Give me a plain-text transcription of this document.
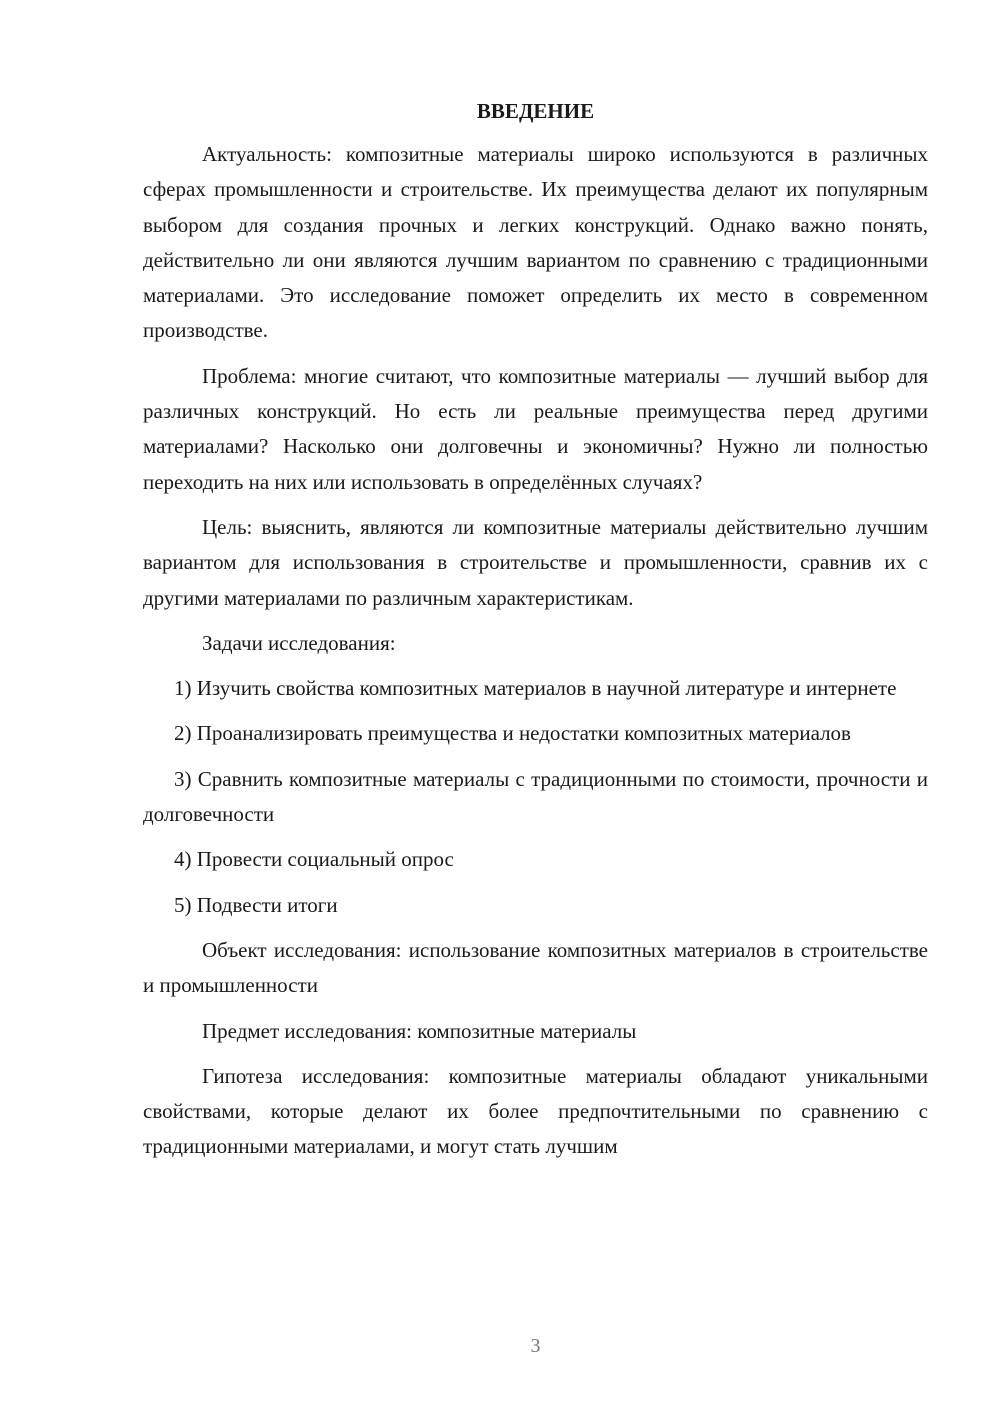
ВВЕДЕНИЕ

Актуальность: композитные материалы широко используются в различных сферах промышленности и строительстве. Их преимущества делают их популярным выбором для создания прочных и легких конструкций. Однако важно понять, действительно ли они являются лучшим вариантом по сравнению с традиционными материалами. Это исследование поможет определить их место в современном производстве.

Проблема: многие считают, что композитные материалы — лучший выбор для различных конструкций. Но есть ли реальные преимущества перед другими материалами? Насколько они долговечны и экономичны? Нужно ли полностью переходить на них или использовать в определённых случаях?

Цель: выяснить, являются ли композитные материалы действительно лучшим вариантом для использования в строительстве и промышленности, сравнив их с другими материалами по различным характеристикам.

Задачи исследования:

1) Изучить свойства композитных материалов в научной литературе и интернете

2) Проанализировать преимущества и недостатки композитных материалов

3) Сравнить композитные материалы с традиционными по стоимости, прочности и долговечности

4) Провести социальный опрос

5) Подвести итоги

Объект исследования: использование композитных материалов в строительстве и промышленности

Предмет исследования: композитные материалы

Гипотеза исследования: композитные материалы обладают уникальными свойствами, которые делают их более предпочтительными по сравнению с традиционными материалами, и могут стать лучшим

3
